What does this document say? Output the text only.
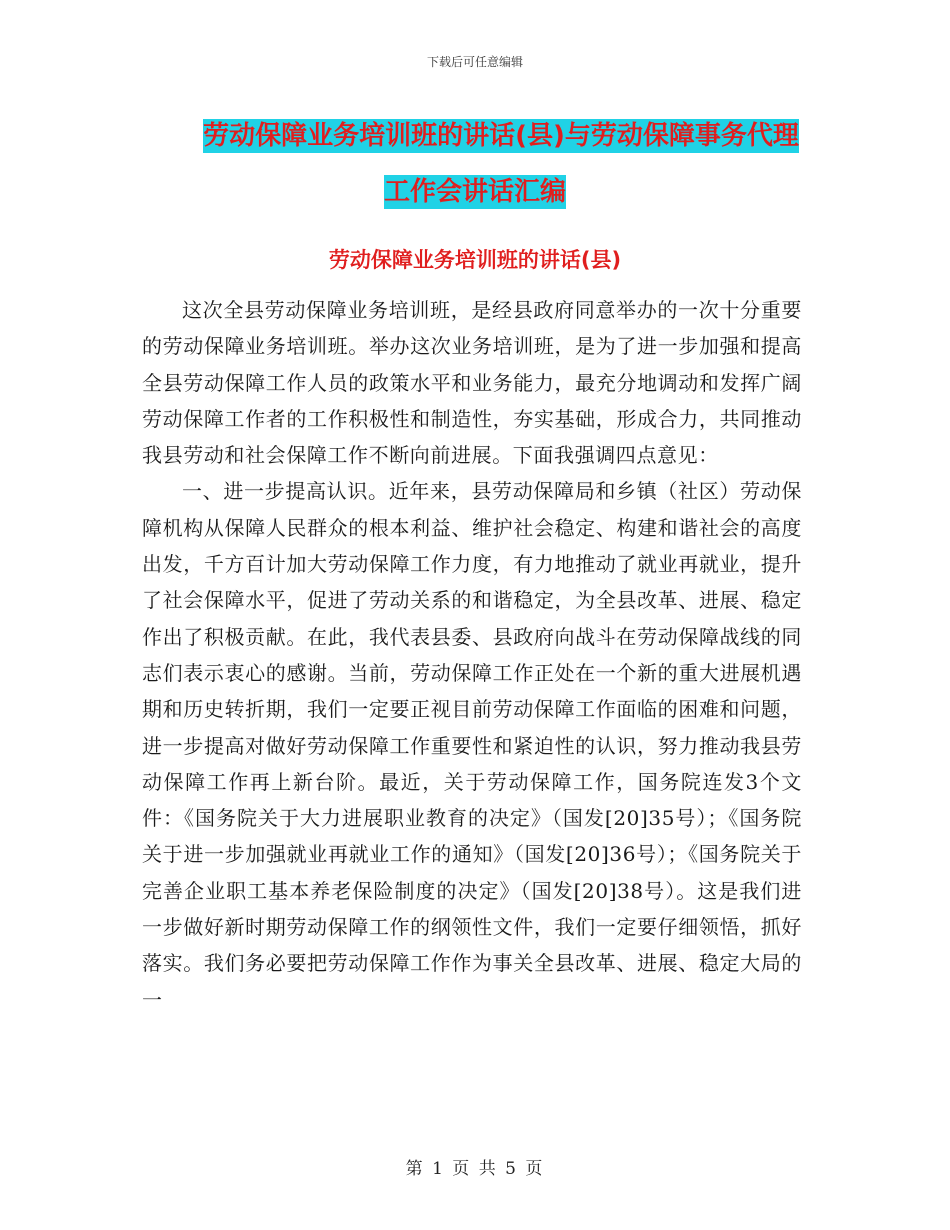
下载后可任意编辑
劳动保障业务培训班的讲话(县)与劳动保障事务代理
工作会讲话汇编
劳动保障业务培训班的讲话(县)

这次全县劳动保障业务培训班，是经县政府同意举办的一次十分重要的劳动保障业务培训班。举办这次业务培训班，是为了进一步加强和提高全县劳动保障工作人员的政策水平和业务能力，最充分地调动和发挥广阔劳动保障工作者的工作积极性和制造性，夯实基础，形成合力，共同推动我县劳动和社会保障工作不断向前进展。下面我强调四点意见：

一、进一步提高认识。近年来，县劳动保障局和乡镇（社区）劳动保障机构从保障人民群众的根本利益、维护社会稳定、构建和谐社会的高度出发，千方百计加大劳动保障工作力度，有力地推动了就业再就业，提升了社会保障水平，促进了劳动关系的和谐稳定，为全县改革、进展、稳定作出了积极贡献。在此，我代表县委、县政府向战斗在劳动保障战线的同志们表示衷心的感谢。当前，劳动保障工作正处在一个新的重大进展机遇期和历史转折期，我们一定要正视目前劳动保障工作面临的困难和问题，进一步提高对做好劳动保障工作重要性和紧迫性的认识，努力推动我县劳动保障工作再上新台阶。最近，关于劳动保障工作，国务院连发3个文件：《国务院关于大力进展职业教育的决定》（国发[20]35号）；《国务院关于进一步加强就业再就业工作的通知》（国发[20]36号）；《国务院关于完善企业职工基本养老保险制度的决定》（国发[20]38号）。这是我们进一步做好新时期劳动保障工作的纲领性文件，我们一定要仔细领悟，抓好落实。我们务必要把劳动保障工作作为事关全县改革、进展、稳定大局的一

第 1 页 共 5 页
